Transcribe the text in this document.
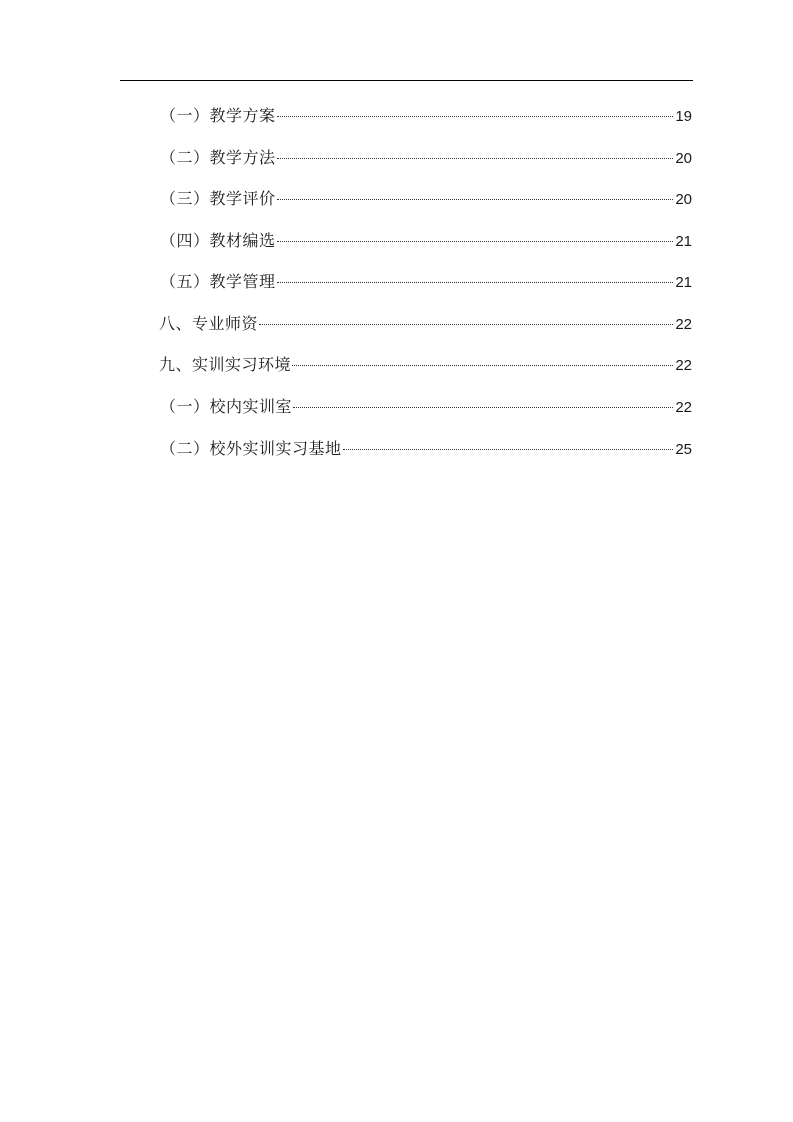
（一）教学方案	19
（二）教学方法	20
（三）教学评价	20
（四）教材编选	21
（五）教学管理	21
八、专业师资	22
九、实训实习环境	22
（一）校内实训室	22
（二）校外实训实习基地	25
